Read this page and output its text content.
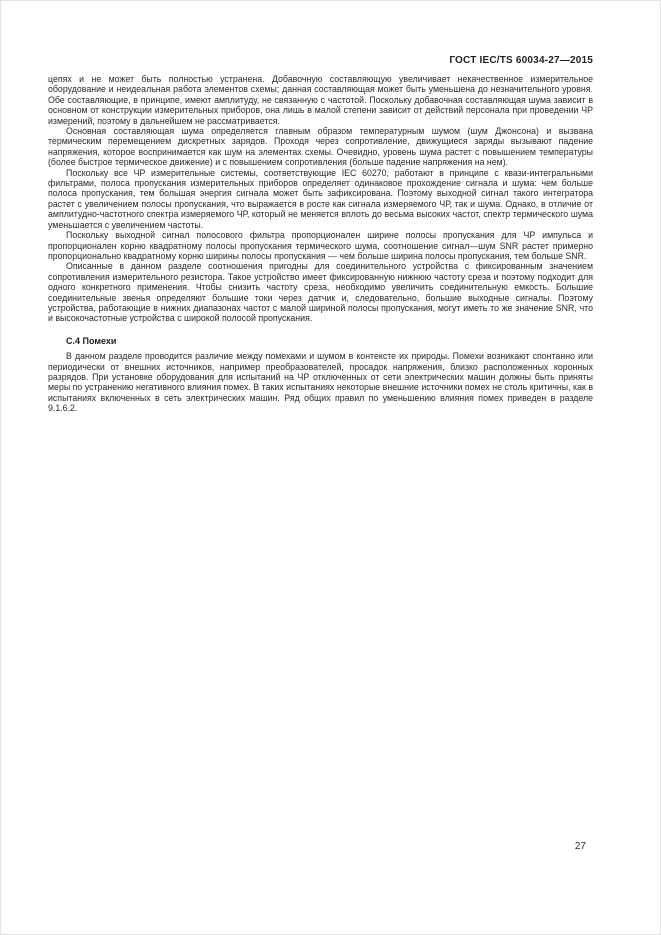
ГОСТ IEC/TS 60034-27—2015

цепях и не может быть полностью устранена. Добавочную составляющую увеличивает некачественное измерительное оборудование и неидеальная работа элементов схемы; данная составляющая может быть уменьшена до незначительного уровня. Обе составляющие, в принципе, имеют амплитуду, не связанную с частотой. Поскольку добавочная составляющая шума зависит в основном от конструкции измерительных приборов, она лишь в малой степени зависит от действий персонала при проведении ЧР измерений, поэтому в дальнейшем не рассматривается.

Основная составляющая шума определяется главным образом температурным шумом (шум Джонсона) и вызвана термическим перемещением дискретных зарядов. Проходя через сопротивление, движущиеся заряды вызывают падение напряжения, которое воспринимается как шум на элементах схемы. Очевидно, уровень шума растет с повышением температуры (более быстрое термическое движение) и с повышением сопротивления (больше падение напряжения на нем).

Поскольку все ЧР измерительные системы, соответствующие IEC 60270, работают в принципе с квази-интегральными фильтрами, полоса пропускания измерительных приборов определяет одинаковое прохождение сигнала и шума: чем больше полоса пропускания, тем большая энергия сигнала может быть зафиксирована. Поэтому выходной сигнал такого интегратора растет с увеличением полосы пропускания, что выражается в росте как сигнала измеряемого ЧР, так и шума. Однако, в отличие от амплитудно-частотного спектра измеряемого ЧР, который не меняется вплоть до весьма высоких частот, спектр термического шума уменьшается с увеличением частоты.

Поскольку выходной сигнал полосового фильтра пропорционален ширине полосы пропускания для ЧР импульса и пропорционален корню квадратному полосы пропускания термического шума, соотношение сигнал—шум SNR растет примерно пропорционально квадратному корню ширины полосы пропускания — чем больше ширина полосы пропускания, тем больше SNR.

Описанные в данном разделе соотношения пригодны для соединительного устройства с фиксированным значением сопротивления измерительного резистора. Такое устройство имеет фиксированную нижнюю частоту среза и поэтому подходит для одного конкретного применения. Чтобы снизить частоту среза, необходимо увеличить соединительную емкость. Большие соединительные звенья определяют большие токи через датчик и, следовательно, большие выходные сигналы. Поэтому устройства, работающие в нижних диапазонах частот с малой шириной полосы пропускания, могут иметь то же значение SNR, что и высокочастотные устройства с широкой полосой пропускания.

С.4 Помехи

В данном разделе проводится различие между помехами и шумом в контексте их природы. Помехи возникают спонтанно или периодически от внешних источников, например преобразователей, просадок напряжения, близко расположенных коронных разрядов. При установке оборудования для испытаний на ЧР отключенных от сети электрических машин должны быть приняты меры по устранению негативного влияния помех. В таких испытаниях некоторые внешние источники помех не столь критичны, как в испытаниях включенных в сеть электрических машин. Ряд общих правил по уменьшению влияния помех приведен в разделе 9.1.6.2.

27
